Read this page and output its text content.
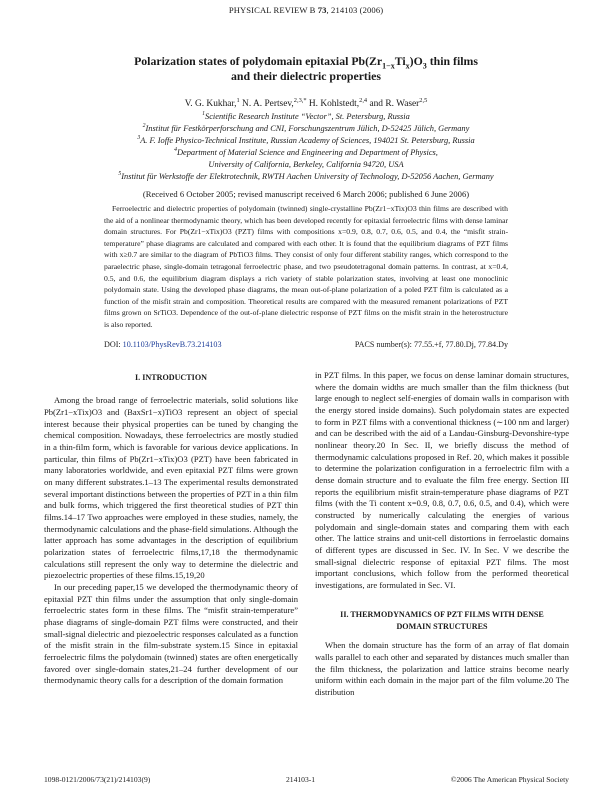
PHYSICAL REVIEW B 73, 214103 (2006)
Polarization states of polydomain epitaxial $Pb(Zr_{1-x}Ti_x)O_3$ thin films
and their dielectric properties
V. G. Kukhar,$^1$ N. A. Pertsev,$^{2,3,*}$ H. Kohlstedt,$^{2,4}$ and R. Waser$^{2,5}$
$^1$Scientific Research Institute “Vector”, St. Petersburg, Russia
$^2$Institut für Festkörperforschung and CNI, Forschungszentrum Jülich, D-52425 Jülich, Germany
$^3$A. F. Ioffe Physico-Technical Institute, Russian Academy of Sciences, 194021 St. Petersburg, Russia
$^4$Department of Material Science and Engineering and Department of Physics,
University of California, Berkeley, California 94720, USA
$^5$Institut für Werkstoffe der Elektrotechnik, RWTH Aachen University of Technology, D-52056 Aachen, Germany
(Received 6 October 2005; revised manuscript received 6 March 2006; published 6 June 2006)
Ferroelectric and dielectric properties of polydomain (twinned) single-crystalline Pb(Zr1−xTix)O3 thin films are described with the aid of a nonlinear thermodynamic theory, which has been developed recently for epitaxial ferroelectric films with dense laminar domain structures. For Pb(Zr1−xTix)O3 (PZT) films with compositions x=0.9, 0.8, 0.7, 0.6, 0.5, and 0.4, the “misfit strain-temperature” phase diagrams are calculated and compared with each other. It is found that the equilibrium diagrams of PZT films with x≥0.7 are similar to the diagram of PbTiO3 films. They consist of only four different stability ranges, which correspond to the paraelectric phase, single-domain tetragonal ferroelectric phase, and two pseudotetragonal domain patterns. In contrast, at x=0.4, 0.5, and 0.6, the equilibrium diagram displays a rich variety of stable polarization states, involving at least one monoclinic polydomain state. Using the developed phase diagrams, the mean out-of-plane polarization of a poled PZT film is calculated as a function of the misfit strain and composition. Theoretical results are compared with the measured remanent polarizations of PZT films grown on SrTiO3. Dependence of the out-of-plane dielectric response of PZT films on the misfit strain in the heterostructure is also reported.
DOI: 10.1103/PhysRevB.73.214103	PACS number(s): 77.55.+f, 77.80.Dj, 77.84.Dy
I. INTRODUCTION

Among the broad range of ferroelectric materials, solid solutions like Pb(Zr1−xTix)O3 and (BaxSr1−x)TiO3 represent an object of special interest because their physical properties can be tuned by changing the chemical composition. Nowadays, these ferroelectrics are mostly studied in a thin-film form, which is favorable for various device applications. In particular, thin films of Pb(Zr1−xTix)O3 (PZT) have been fabricated in many laboratories worldwide, and even epitaxial PZT films were grown on many different substrates.1–13 The experimental results demonstrated several important distinctions between the properties of PZT in a thin film and bulk forms, which triggered the first theoretical studies of PZT thin films.14–17 Two approaches were employed in these studies, namely, the thermodynamic calculations and the phase-field simulations. Although the latter approach has some advantages in the description of equilibrium polarization states of ferroelectric films,17,18 the thermodynamic calculations still represent the only way to determine the dielectric and piezoelectric properties of these films.15,19,20

In our preceding paper,15 we developed the thermodynamic theory of epitaxial PZT thin films under the assumption that only single-domain ferroelectric states form in these films. The “misfit strain-temperature” phase diagrams of single-domain PZT films were constructed, and their small-signal dielectric and piezoelectric responses calculated as a function of the misfit strain in the film-substrate system.15 Since in epitaxial ferroelectric films the polydomain (twinned) states are often energetically favored over single-domain states,21–24 further development of our thermodynamic theory calls for a description of the domain formation

in PZT films. In this paper, we focus on dense laminar domain structures, where the domain widths are much smaller than the film thickness (but large enough to neglect self-energies of domain walls in comparison with the energy stored inside domains). Such polydomain states are expected to form in PZT films with a conventional thickness (∼100 nm and larger) and can be described with the aid of a Landau-Ginsburg-Devonshire-type nonlinear theory.20 In Sec. II, we briefly discuss the method of thermodynamic calculations proposed in Ref. 20, which makes it possible to determine the polarization configuration in a ferroelectric film with a dense domain structure and to evaluate the film free energy. Section III reports the equilibrium misfit strain-temperature phase diagrams of PZT films (with the Ti content x=0.9, 0.8, 0.7, 0.6, 0.5, and 0.4), which were constructed by numerically calculating the energies of various polydomain and single-domain states and comparing them with each other. The lattice strains and unit-cell distortions in ferroelastic domains of different types are discussed in Sec. IV. In Sec. V we describe the small-signal dielectric response of epitaxial PZT films. The most important conclusions, which follow from the performed theoretical investigations, are formulated in Sec. VI.

II. THERMODYNAMICS OF PZT FILMS WITH DENSE
DOMAIN STRUCTURES

When the domain structure has the form of an array of flat domain walls parallel to each other and separated by distances much smaller than the film thickness, the polarization and lattice strains become nearly uniform within each domain in the major part of the film volume.20 The distribution

1098-0121/2006/73(21)/214103(9)	214103-1	©2006 The American Physical Society
